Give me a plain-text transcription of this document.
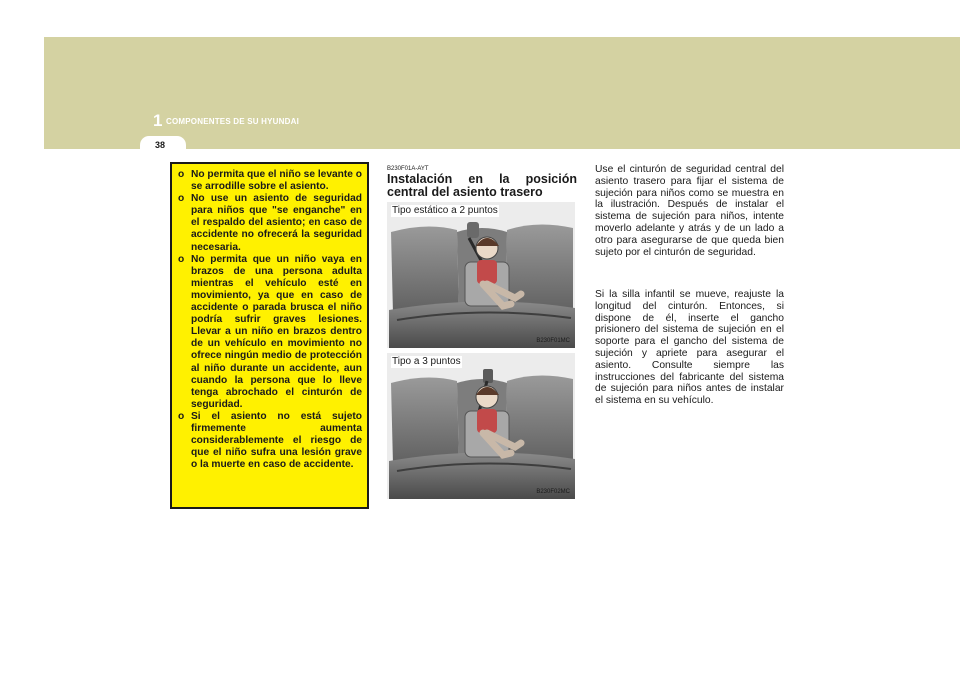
1 COMPONENTES DE SU HYUNDAI
38
o No permita que el niño se levante o se arrodille sobre el asiento.
o No use un asiento de seguridad para niños que "se enganche" en el respaldo del asiento; en caso de accidente no ofrecerá la seguridad necesaria.
o No permita que un niño vaya en brazos de una persona adulta mientras el vehículo esté en movimiento, ya que en caso de accidente o parada brusca el niño podría sufrir graves lesiones. Llevar a un niño en brazos dentro de un vehículo en movimiento no ofrece ningún medio de protección al niño durante un accidente, aun cuando la persona que lo lleve tenga abrochado el cinturón de seguridad.
o Si el asiento no está sujeto firmemente aumenta considerablemente el riesgo de que el niño sufra una lesión grave o la muerte en caso de accidente.
B230F01A-AYT
Instalación en la posición central del asiento trasero
Tipo estático a 2 puntos
B230F01MC
Tipo a 3 puntos
B230F02MC

Use el cinturón de seguridad central del asiento trasero para fijar el sistema de sujeción para niños como se muestra en la ilustración. Después de instalar el sistema de sujeción para niños, intente moverlo adelante y atrás y de un lado a otro para asegurarse de que queda bien sujeto por el cinturón de seguridad.

Si la silla infantil se mueve, reajuste la longitud del cinturón. Entonces, si dispone de él, inserte el gancho prisionero del sistema de sujeción en el soporte para el gancho del sistema de sujeción y apriete para asegurar el asiento. Consulte siempre las instrucciones del fabricante del sistema de sujeción para niños antes de instalar el sistema en su vehículo.
